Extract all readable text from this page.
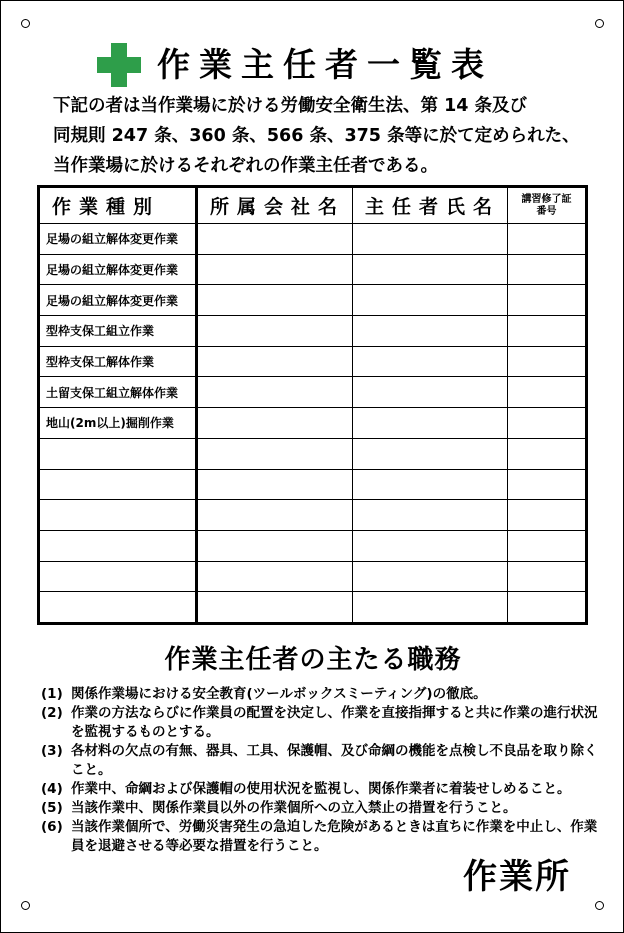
作業主任者一覧表
下記の者は当作業場に於ける労働安全衛生法、第 14 条及び
同規則 247 条、360 条、566 条、375 条等に於て定められた、
当作業場に於けるそれぞれの作業主任者である。
作業種別	所属会社名	主任者氏名	講習修了証
番号

足場の組立解体変更作業			
足場の組立解体変更作業			
足場の組立解体変更作業			
型枠支保工組立作業			
型枠支保工解体作業			
土留支保工組立解体作業			
地山(2m以上)掘削作業			

作業主任者の主たる職務
(1) 関係作業場における安全教育(ツールボックスミーティング)の徹底。
(2) 作業の方法ならびに作業員の配置を決定し、作業を直接指揮すると共に作業の進行状況を監視するものとする。
(3) 各材料の欠点の有無、器具、工具、保護帽、及び命綱の機能を点検し不良品を取り除くこと。
(4) 作業中、命綱および保護帽の使用状況を監視し、関係作業者に着装せしめること。
(5) 当該作業中、関係作業員以外の作業個所への立入禁止の措置を行うこと。
(6) 当該作業個所で、労働災害発生の急迫した危険があるときは直ちに作業を中止し、作業員を退避させる等必要な措置を行うこと。
作業所
